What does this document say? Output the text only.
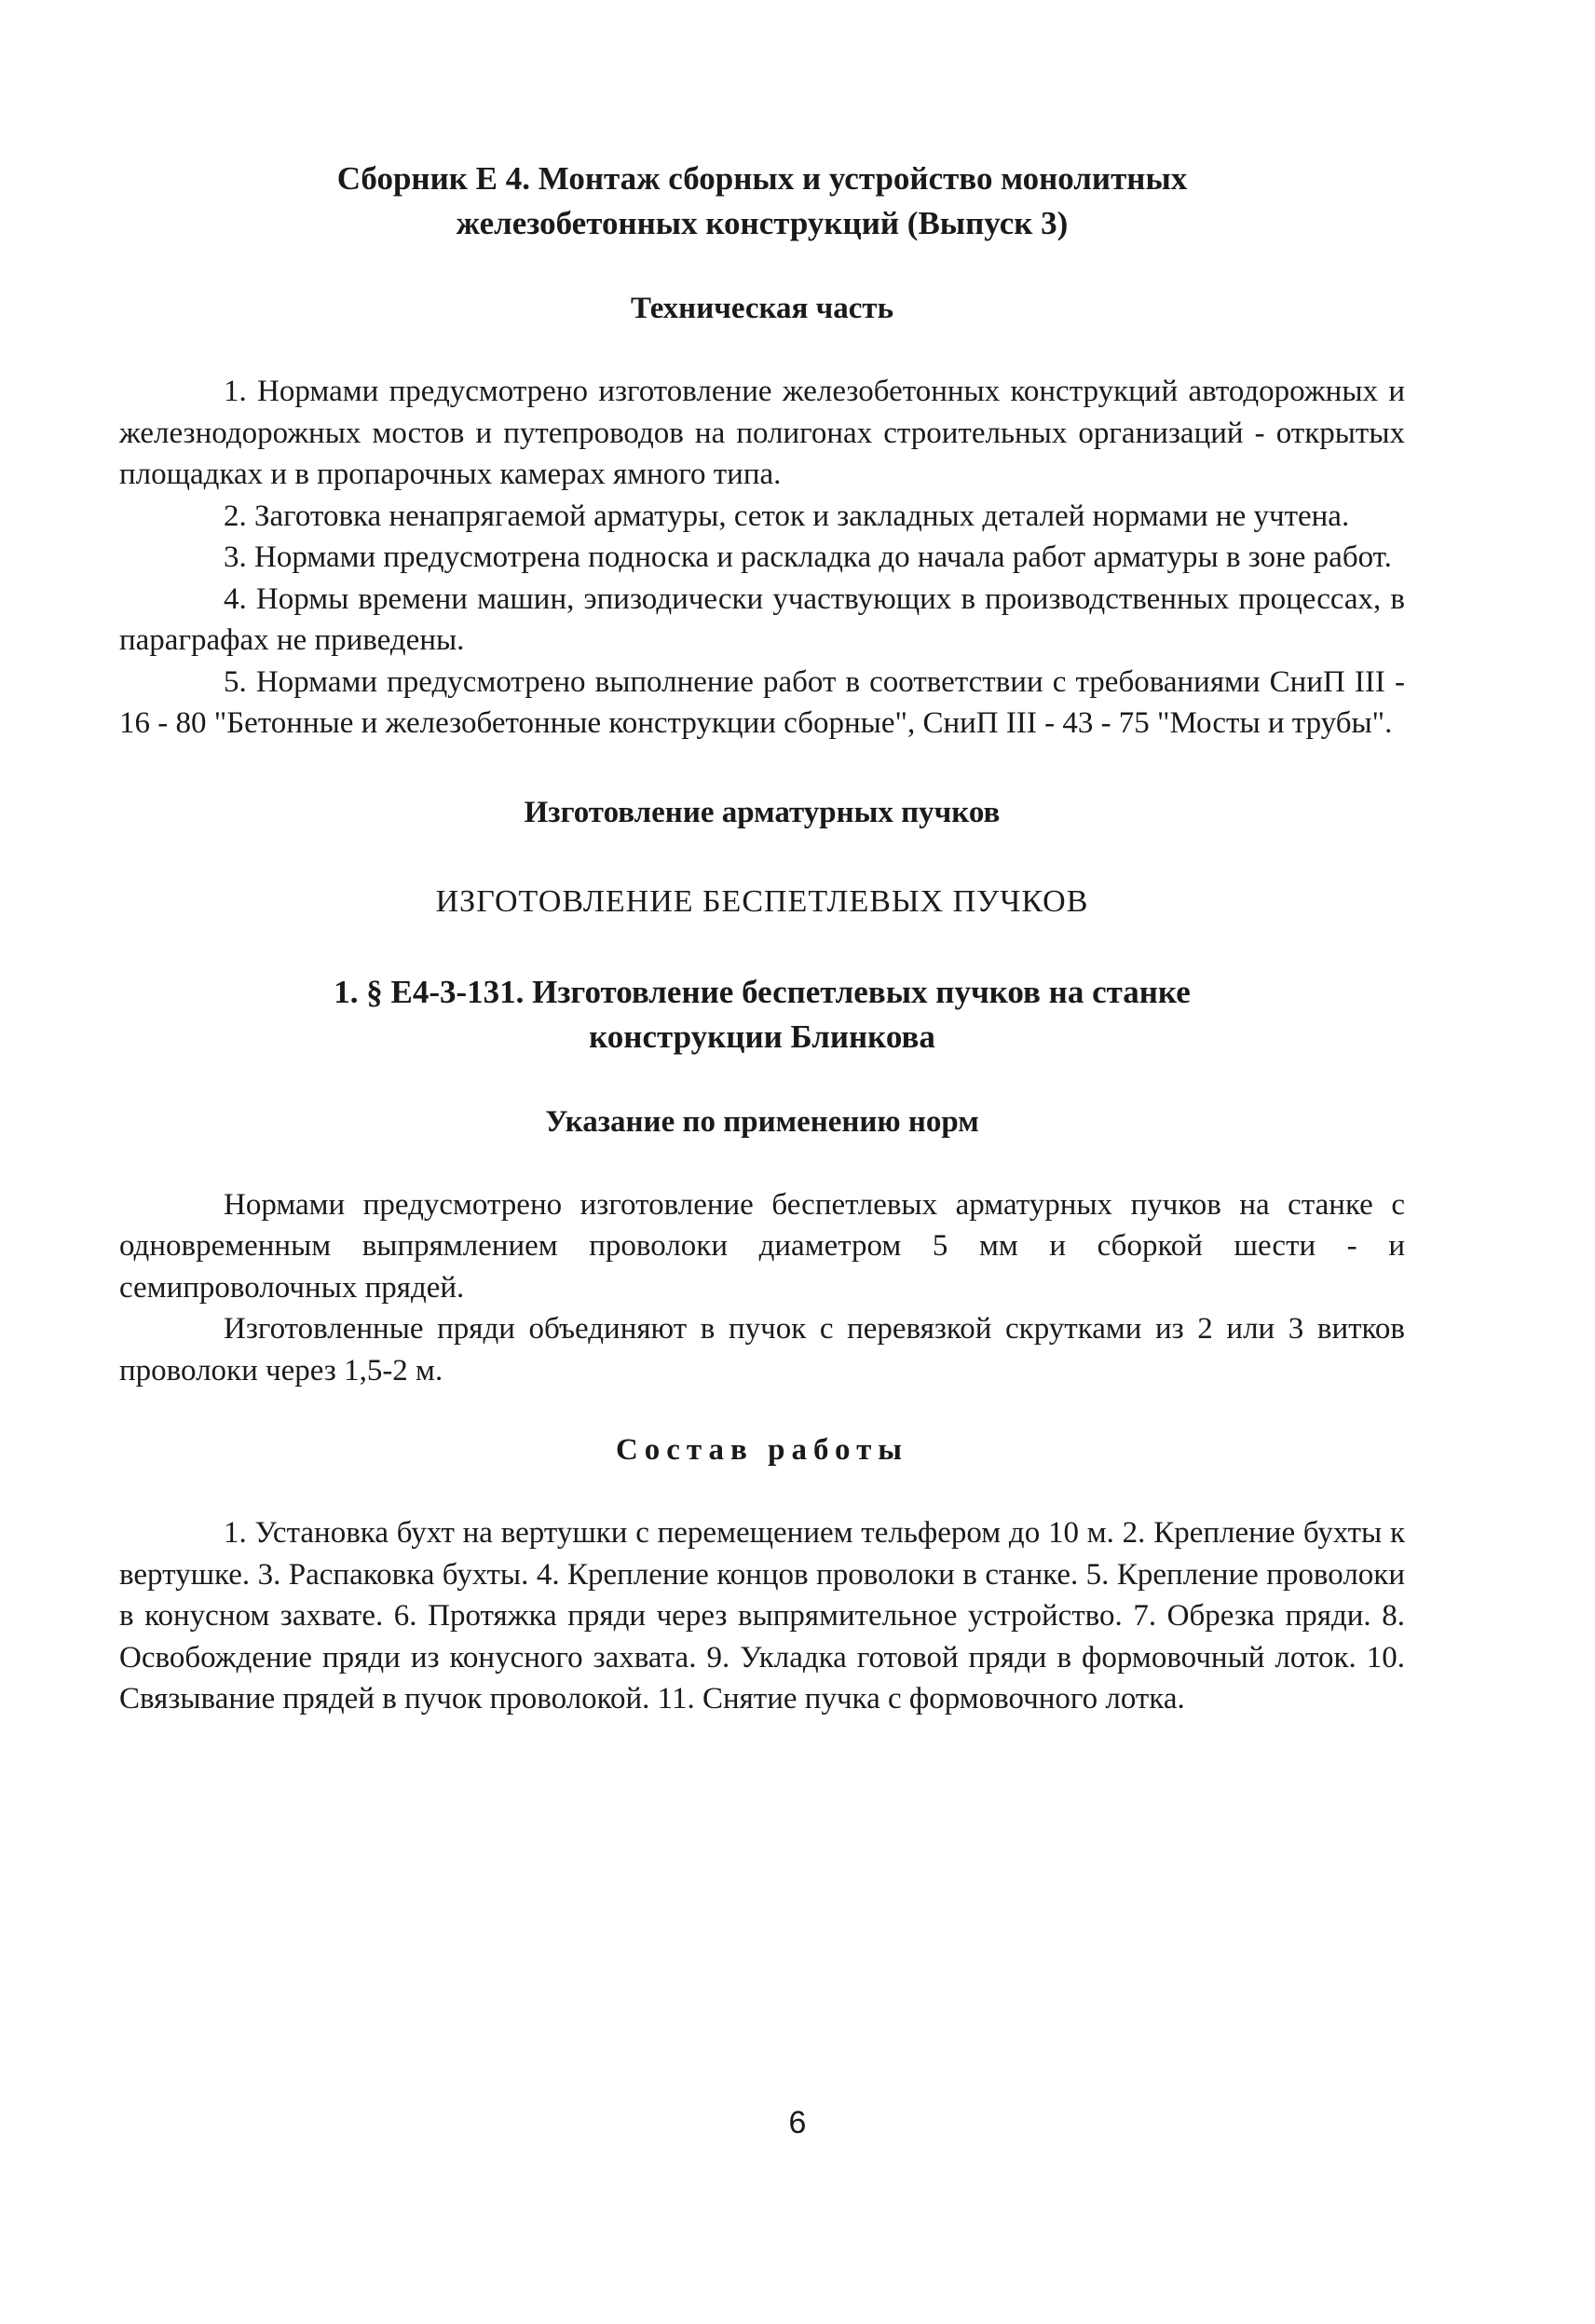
Сборник Е 4. Монтаж сборных и устройство монолитных
железобетонных конструкций (Выпуск 3)
Техническая часть

1. Нормами предусмотрено изготовление железобетонных конструкций автодорожных и железнодорожных мостов и путепроводов на полигонах строительных организаций - открытых площадках и в пропарочных камерах ямного типа.

2. Заготовка ненапрягаемой арматуры, сеток и закладных деталей нормами не учтена.

3. Нормами предусмотрена подноска и раскладка до начала работ арматуры в зоне работ.

4. Нормы времени машин, эпизодически участвующих в производственных процессах, в параграфах не приведены.

5. Нормами предусмотрено выполнение работ в соответствии с требованиями СниП III - 16 - 80 "Бетонные и железобетонные конструкции сборные", СниП III - 43 - 75 "Мосты и трубы".

Изготовление арматурных пучков
ИЗГОТОВЛЕНИЕ БЕСПЕТЛЕВЫХ ПУЧКОВ
1. § Е4-3-131. Изготовление беспетлевых пучков на станке
конструкции Блинкова
Указание по применению норм

Нормами предусмотрено изготовление беспетлевых арматурных пучков на станке с одновременным выпрямлением проволоки диаметром 5 мм и сборкой шести - и семипроволочных прядей.

Изготовленные пряди объединяют в пучок с перевязкой скрутками из 2 или 3 витков проволоки через 1,5-2 м.

Состав работы

1. Установка бухт на вертушки с перемещением тельфером до 10 м. 2. Крепление бухты к вертушке. 3. Распаковка бухты. 4. Крепление концов проволоки в станке. 5. Крепление проволоки в конусном захвате. 6. Протяжка пряди через выпрямительное устройство. 7. Обрезка пряди. 8. Освобождение пряди из конусного захвата. 9. Укладка готовой пряди в формовочный лоток. 10. Связывание прядей в пучок проволокой. 11. Снятие пучка с формовочного лотка.

6
